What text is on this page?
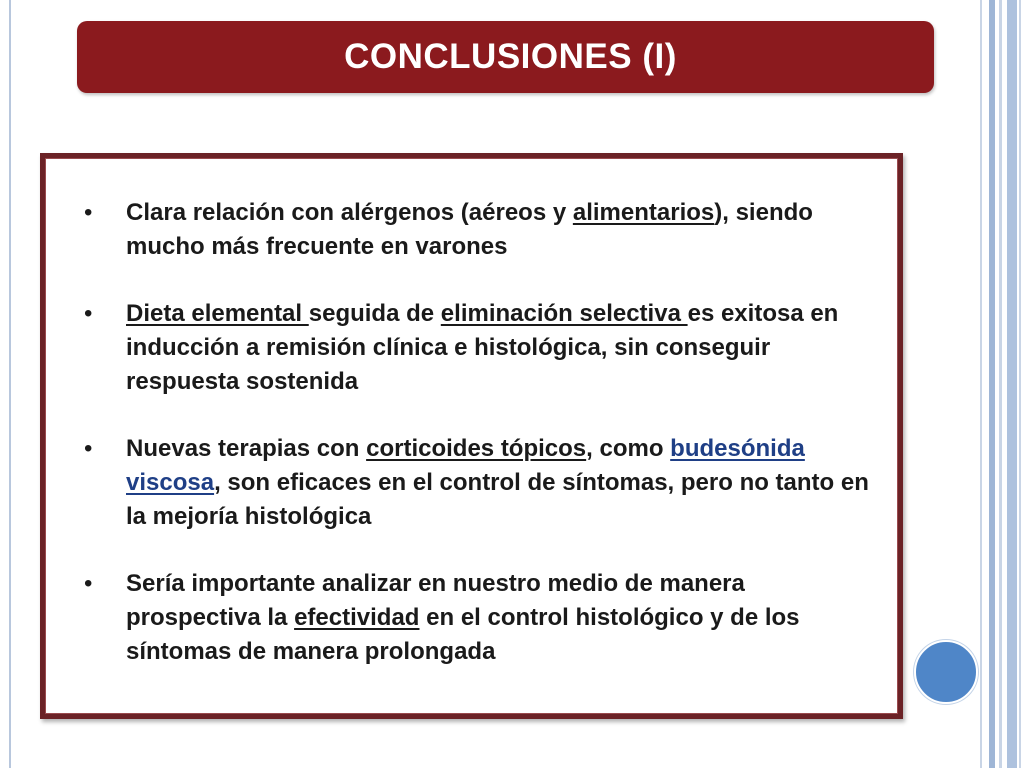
CONCLUSIONES (I)
• Clara relación con alérgenos (aéreos y alimentarios), siendo mucho más frecuente en varones
• Dieta elemental seguida de eliminación selectiva es exitosa en inducción a remisión clínica e histológica, sin conseguir respuesta sostenida
• Nuevas terapias con corticoides tópicos, como budesónida viscosa, son eficaces en el control de síntomas, pero no tanto en la mejoría histológica
• Sería importante analizar en nuestro medio de manera prospectiva la efectividad en el control histológico y de los síntomas de manera prolongada
